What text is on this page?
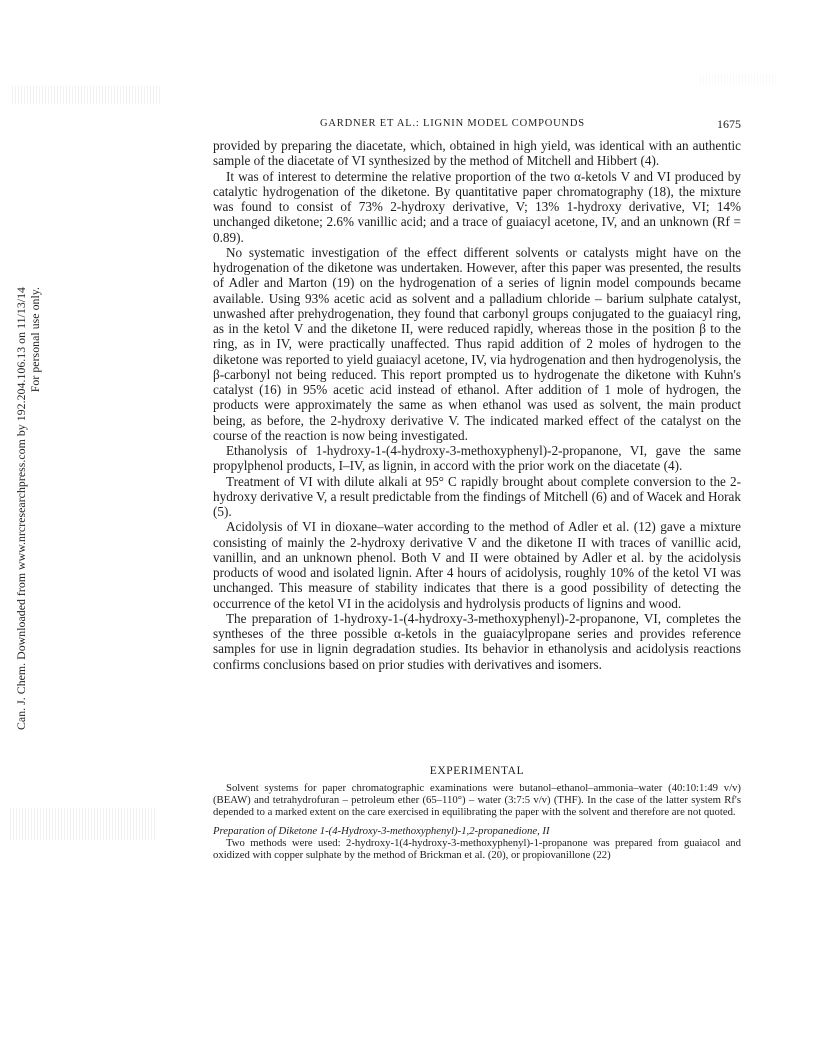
Can. J. Chem. Downloaded from www.nrcresearchpress.com by 192.204.106.13 on 11/13/14 For personal use only.
GARDNER ET AL.: LIGNIN MODEL COMPOUNDS	1675

provided by preparing the diacetate, which, obtained in high yield, was identical with an authentic sample of the diacetate of VI synthesized by the method of Mitchell and Hibbert (4).

It was of interest to determine the relative proportion of the two α-ketols V and VI produced by catalytic hydrogenation of the diketone. By quantitative paper chromatography (18), the mixture was found to consist of 73% 2-hydroxy derivative, V; 13% 1-hydroxy derivative, VI; 14% unchanged diketone; 2.6% vanillic acid; and a trace of guaiacyl acetone, IV, and an unknown (Rf = 0.89).

No systematic investigation of the effect different solvents or catalysts might have on the hydrogenation of the diketone was undertaken. However, after this paper was presented, the results of Adler and Marton (19) on the hydrogenation of a series of lignin model compounds became available. Using 93% acetic acid as solvent and a palladium chloride – barium sulphate catalyst, unwashed after prehydrogenation, they found that carbonyl groups conjugated to the guaiacyl ring, as in the ketol V and the diketone II, were reduced rapidly, whereas those in the position β to the ring, as in IV, were practically unaffected. Thus rapid addition of 2 moles of hydrogen to the diketone was reported to yield guaiacyl acetone, IV, via hydrogenation and then hydrogenolysis, the β-carbonyl not being reduced. This report prompted us to hydrogenate the diketone with Kuhn's catalyst (16) in 95% acetic acid instead of ethanol. After addition of 1 mole of hydrogen, the products were approximately the same as when ethanol was used as solvent, the main product being, as before, the 2-hydroxy derivative V. The indicated marked effect of the catalyst on the course of the reaction is now being investigated.

Ethanolysis of 1-hydroxy-1-(4-hydroxy-3-methoxyphenyl)-2-propanone, VI, gave the same propylphenol products, I–IV, as lignin, in accord with the prior work on the diacetate (4).

Treatment of VI with dilute alkali at 95° C rapidly brought about complete conversion to the 2-hydroxy derivative V, a result predictable from the findings of Mitchell (6) and of Wacek and Horak (5).

Acidolysis of VI in dioxane–water according to the method of Adler et al. (12) gave a mixture consisting of mainly the 2-hydroxy derivative V and the diketone II with traces of vanillic acid, vanillin, and an unknown phenol. Both V and II were obtained by Adler et al. by the acidolysis products of wood and isolated lignin. After 4 hours of acidolysis, roughly 10% of the ketol VI was unchanged. This measure of stability indicates that there is a good possibility of detecting the occurrence of the ketol VI in the acidolysis and hydrolysis products of lignins and wood.

The preparation of 1-hydroxy-1-(4-hydroxy-3-methoxyphenyl)-2-propanone, VI, completes the syntheses of the three possible α-ketols in the guaiacylpropane series and provides reference samples for use in lignin degradation studies. Its behavior in ethanolysis and acidolysis reactions confirms conclusions based on prior studies with derivatives and isomers.

EXPERIMENTAL

Solvent systems for paper chromatographic examinations were butanol–ethanol–ammonia–water (40:10:1:49 v/v) (BEAW) and tetrahydrofuran – petroleum ether (65–110°) – water (3:7:5 v/v) (THF). In the case of the latter system Rf's depended to a marked extent on the care exercised in equilibrating the paper with the solvent and therefore are not quoted.

Preparation of Diketone 1-(4-Hydroxy-3-methoxyphenyl)-1,2-propanedione, II

Two methods were used: 2-hydroxy-1(4-hydroxy-3-methoxyphenyl)-1-propanone was prepared from guaiacol and oxidized with copper sulphate by the method of Brickman et al. (20), or propiovanillone (22)
